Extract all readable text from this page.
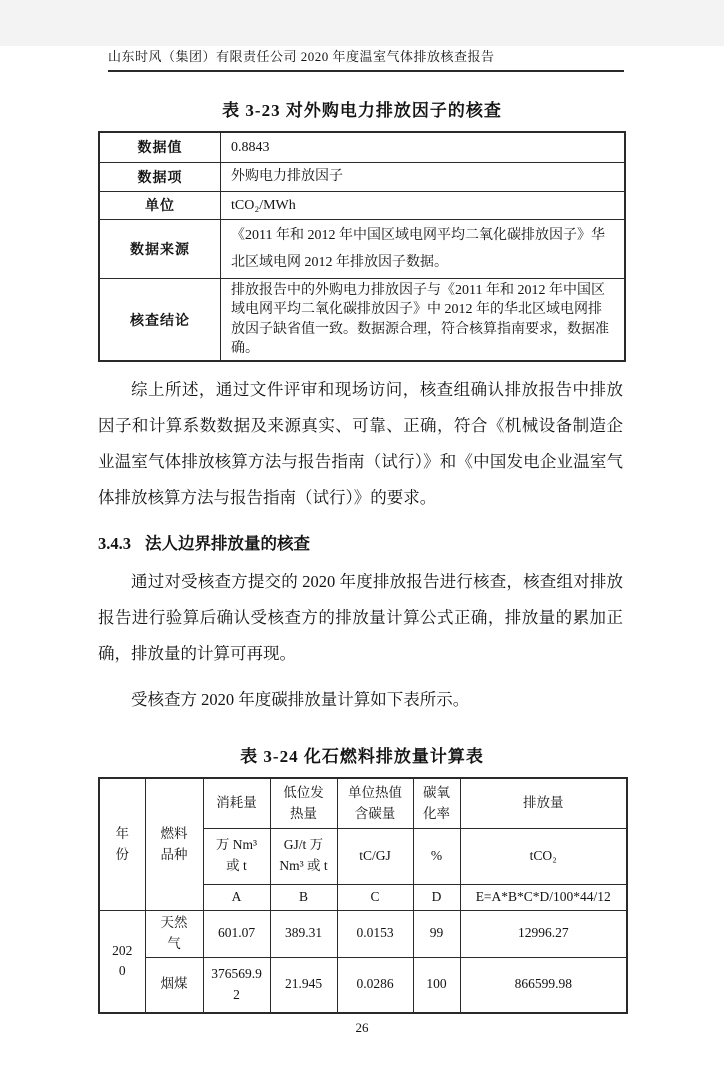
山东时风（集团）有限责任公司 2020 年度温室气体排放核查报告
表 3-23 对外购电力排放因子的核查
数据值	0.8843
数据项	外购电力排放因子
单位	tCO₂/MWh
数据来源	《2011 年和 2012 年中国区域电网平均二氧化碳排放因子》华北区域电网 2012 年排放因子数据。
核查结论	排放报告中的外购电力排放因子与《2011 年和 2012 年中国区域电网平均二氧化碳排放因子》中 2012 年的华北区域电网排放因子缺省值一致。数据源合理，符合核算指南要求，数据准确。

综上所述，通过文件评审和现场访问，核查组确认排放报告中排放因子和计算系数数据及来源真实、可靠、正确，符合《机械设备制造企业温室气体排放核算方法与报告指南（试行）》和《中国发电企业温室气体排放核算方法与报告指南（试行）》的要求。

3.4.3 法人边界排放量的核查

通过对受核查方提交的 2020 年度排放报告进行核查，核查组对排放报告进行验算后确认受核查方的排放量计算公式正确，排放量的累加正确，排放量的计算可再现。

受核查方 2020 年度碳排放量计算如下表所示。

表 3-24 化石燃料排放量计算表
年份	燃料品种	消耗量	低位发热量	单位热值含碳量	碳氧化率	排放量
		万 Nm³ 或 t	GJ/t 万 Nm³ 或 t	tC/GJ	%	tCO₂
		A	B	C	D	E=A*B*C*D/100*44/12
2020	天然气	601.07	389.31	0.0153	99	12996.27
	烟煤	376569.92	21.945	0.0286	100	866599.98
26
